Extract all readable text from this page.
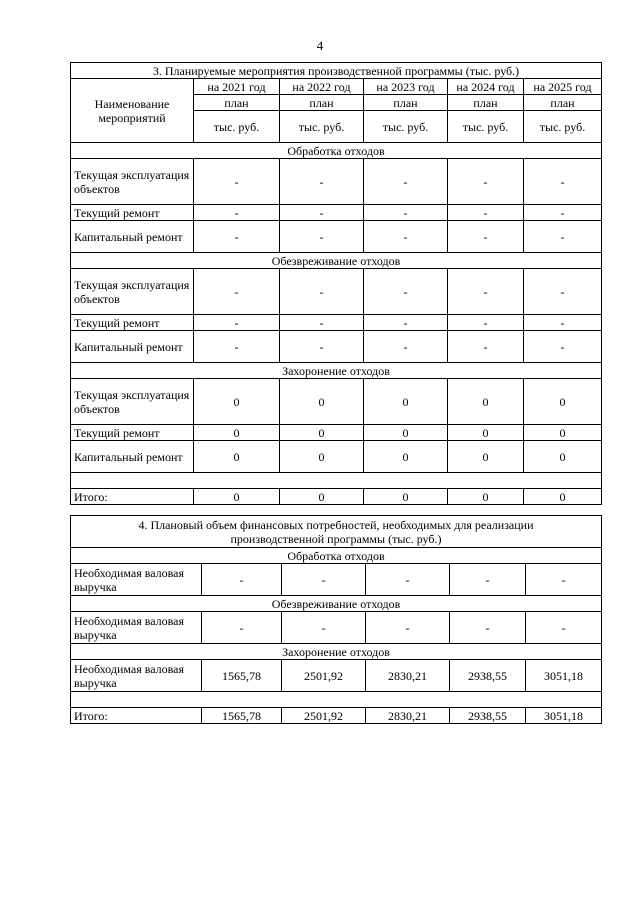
4
3. Планируемые мероприятия производственной программы (тыс. руб.)					
Наименование мероприятий	на 2021 год	на 2022 год	на 2023 год	на 2024 год	на 2025 год
	план	план	план	план	план
	тыс. руб.	тыс. руб.	тыс. руб.	тыс. руб.	тыс. руб.
Обработка отходов					
Текущая эксплуатация объектов	-	-	-	-	-
Текущий ремонт	-	-	-	-	-
Капитальный ремонт	-	-	-	-	-
Обезвреживание отходов					
Текущая эксплуатация объектов	-	-	-	-	-
Текущий ремонт	-	-	-	-	-
Капитальный ремонт	-	-	-	-	-
Захоронение отходов					
Текущая эксплуатация объектов	0	0	0	0	0
Текущий ремонт	0	0	0	0	0
Капитальный ремонт	0	0	0	0	0

Итого:	0	0	0	0	0
4. Плановый объем финансовых потребностей, необходимых для реализации производственной программы (тыс. руб.)					
Обработка отходов					
Необходимая валовая выручка	-	-	-	-	-
Обезвреживание отходов					
Необходимая валовая выручка	-	-	-	-	-
Захоронение отходов					
Необходимая валовая выручка	1565,78	2501,92	2830,21	2938,55	3051,18

Итого:	1565,78	2501,92	2830,21	2938,55	3051,18
